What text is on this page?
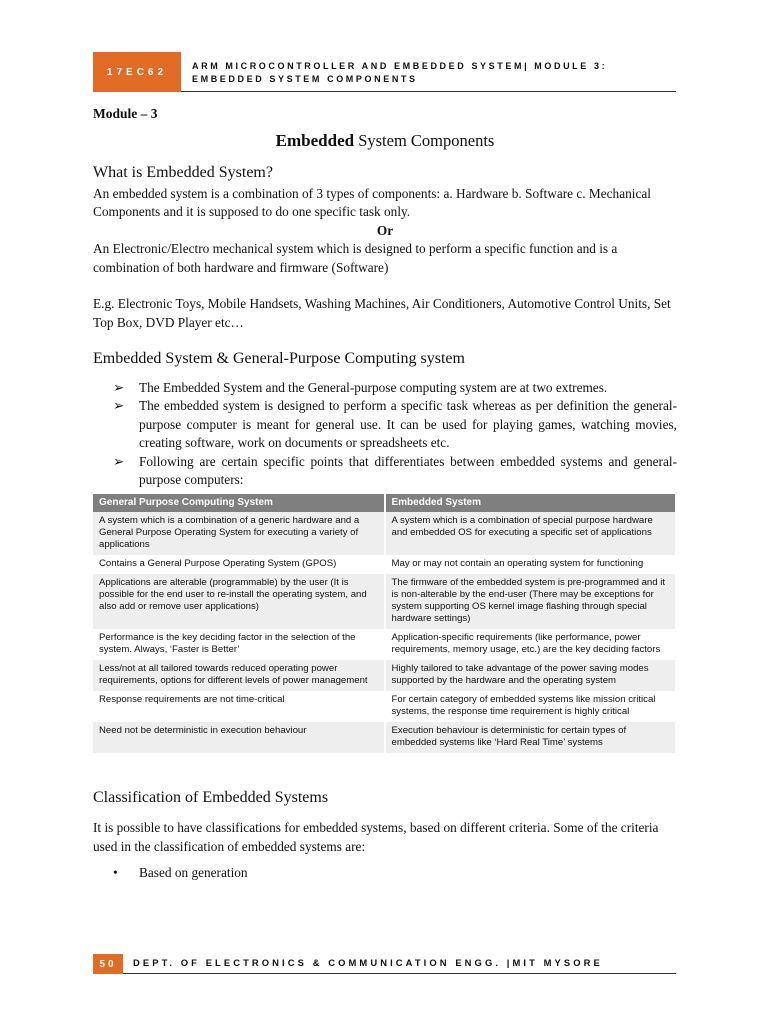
17EC62
ARM MICROCONTROLLER AND EMBEDDED SYSTEM| MODULE 3: EMBEDDED SYSTEM COMPONENTS

Module – 3

Embedded System Components
What is Embedded System?

An embedded system is a combination of 3 types of components: a. Hardware b. Software c. Mechanical Components and it is supposed to do one specific task only.

Or

An Electronic/Electro mechanical system which is designed to perform a specific function and is a combination of both hardware and firmware (Software)

E.g. Electronic Toys, Mobile Handsets, Washing Machines, Air Conditioners, Automotive Control Units, Set Top Box, DVD Player etc…

Embedded System & General-Purpose Computing system
➢ The Embedded System and the General-purpose computing system are at two extremes.
➢ The embedded system is designed to perform a specific task whereas as per definition the general-purpose computer is meant for general use. It can be used for playing games, watching movies, creating software, work on documents or spreadsheets etc.
➢ Following are certain specific points that differentiates between embedded systems and general-purpose computers:
General Purpose Computing System	Embedded System
A system which is a combination of a generic hardware and a General Purpose Operating System for executing a variety of applications	A system which is a combination of special purpose hardware and embedded OS for executing a specific set of applications
Contains a General Purpose Operating System (GPOS)	May or may not contain an operating system for functioning
Applications are alterable (programmable) by the user (It is possible for the end user to re-install the operating system, and also add or remove user applications)	The firmware of the embedded system is pre-programmed and it is non-alterable by the end-user (There may be exceptions for system supporting OS kernel image flashing through special hardware settings)
Performance is the key deciding factor in the selection of the system. Always, ‘Faster is Better’	Application-specific requirements (like performance, power requirements, memory usage, etc.) are the key deciding factors
Less/not at all tailored towards reduced operating power requirements, options for different levels of power management	Highly tailored to take advantage of the power saving modes supported by the hardware and the operating system
Response requirements are not time-critical	For certain category of embedded systems like mission critical systems, the response time requirement is highly critical
Need not be deterministic in execution behaviour	Execution behaviour is deterministic for certain types of embedded systems like ‘Hard Real Time’ systems
Classification of Embedded Systems

It is possible to have classifications for embedded systems, based on different criteria. Some of the criteria used in the classification of embedded systems are:

• Based on generation
50	DEPT. OF ELECTRONICS & COMMUNICATION ENGG. |MIT MYSORE
